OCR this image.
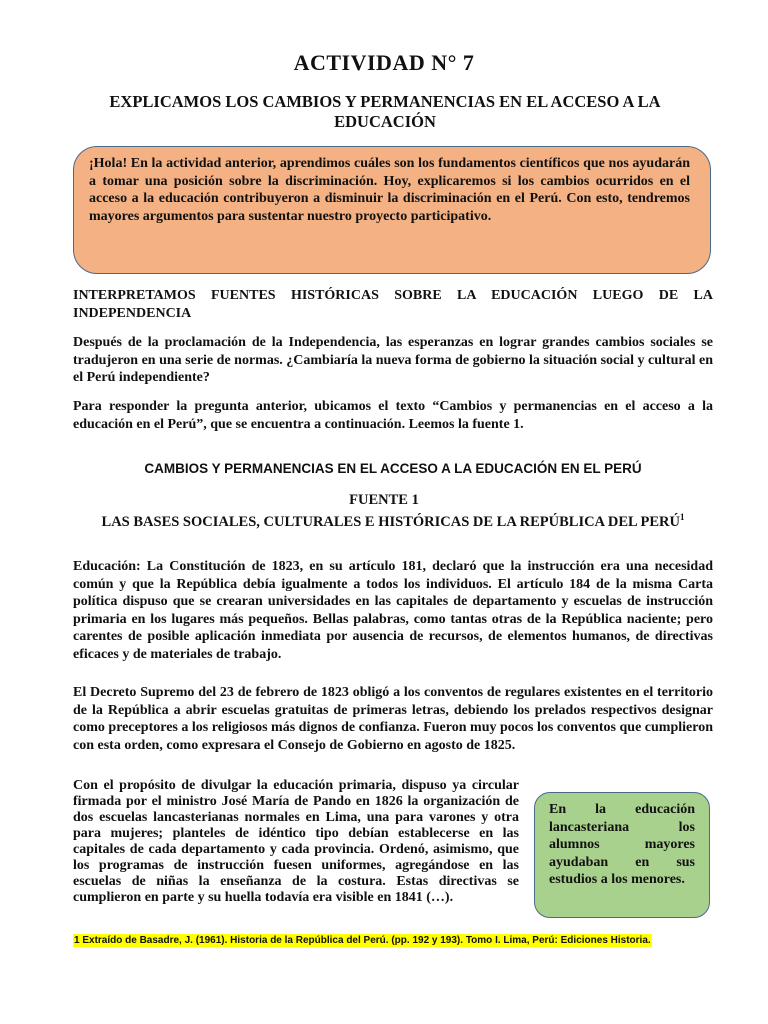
ACTIVIDAD N° 7
EXPLICAMOS LOS CAMBIOS Y PERMANENCIAS EN EL ACCESO A LA EDUCACIÓN

¡Hola! En la actividad anterior, aprendimos cuáles son los fundamentos científicos que nos ayudarán a tomar una posición sobre la discriminación. Hoy, explicaremos si los cambios ocurridos en el acceso a la educación contribuyeron a disminuir la discriminación en el Perú. Con esto, tendremos mayores argumentos para sustentar nuestro proyecto participativo.

INTERPRETAMOS FUENTES HISTÓRICAS SOBRE LA EDUCACIÓN LUEGO DE LA INDEPENDENCIA

Después de la proclamación de la Independencia, las esperanzas en lograr grandes cambios sociales se tradujeron en una serie de normas. ¿Cambiaría la nueva forma de gobierno la situación social y cultural en el Perú independiente?

Para responder la pregunta anterior, ubicamos el texto “Cambios y permanencias en el acceso a la educación en el Perú”, que se encuentra a continuación. Leemos la fuente 1.

CAMBIOS Y PERMANENCIAS EN EL ACCESO A LA EDUCACIÓN EN EL PERÚ
FUENTE 1
LAS BASES SOCIALES, CULTURALES E HISTÓRICAS DE LA REPÚBLICA DEL PERÚ$^1$

Educación: La Constitución de 1823, en su artículo 181, declaró que la instrucción era una necesidad común y que la República debía igualmente a todos los individuos. El artículo 184 de la misma Carta política dispuso que se crearan universidades en las capitales de departamento y escuelas de instrucción primaria en los lugares más pequeños. Bellas palabras, como tantas otras de la República naciente; pero carentes de posible aplicación inmediata por ausencia de recursos, de elementos humanos, de directivas eficaces y de materiales de trabajo.

El Decreto Supremo del 23 de febrero de 1823 obligó a los conventos de regulares existentes en el territorio de la República a abrir escuelas gratuitas de primeras letras, debiendo los prelados respectivos designar como preceptores a los religiosos más dignos de confianza. Fueron muy pocos los conventos que cumplieron con esta orden, como expresara el Consejo de Gobierno en agosto de 1825.

Con el propósito de divulgar la educación primaria, dispuso ya circular firmada por el ministro José María de Pando en 1826 la organización de dos escuelas lancasterianas normales en Lima, una para varones y otra para mujeres; planteles de idéntico tipo debían establecerse en las capitales de cada departamento y cada provincia. Ordenó, asimismo, que los programas de instrucción fuesen uniformes, agregándose en las escuelas de niñas la enseñanza de la costura. Estas directivas se cumplieron en parte y su huella todavía era visible en 1841 (…).

En la educación lancasteriana los alumnos mayores ayudaban en sus estudios a los menores.

1 Extraído de Basadre, J. (1961). Historia de la República del Perú. (pp. 192 y 193). Tomo I. Lima, Perú: Ediciones Historia.
